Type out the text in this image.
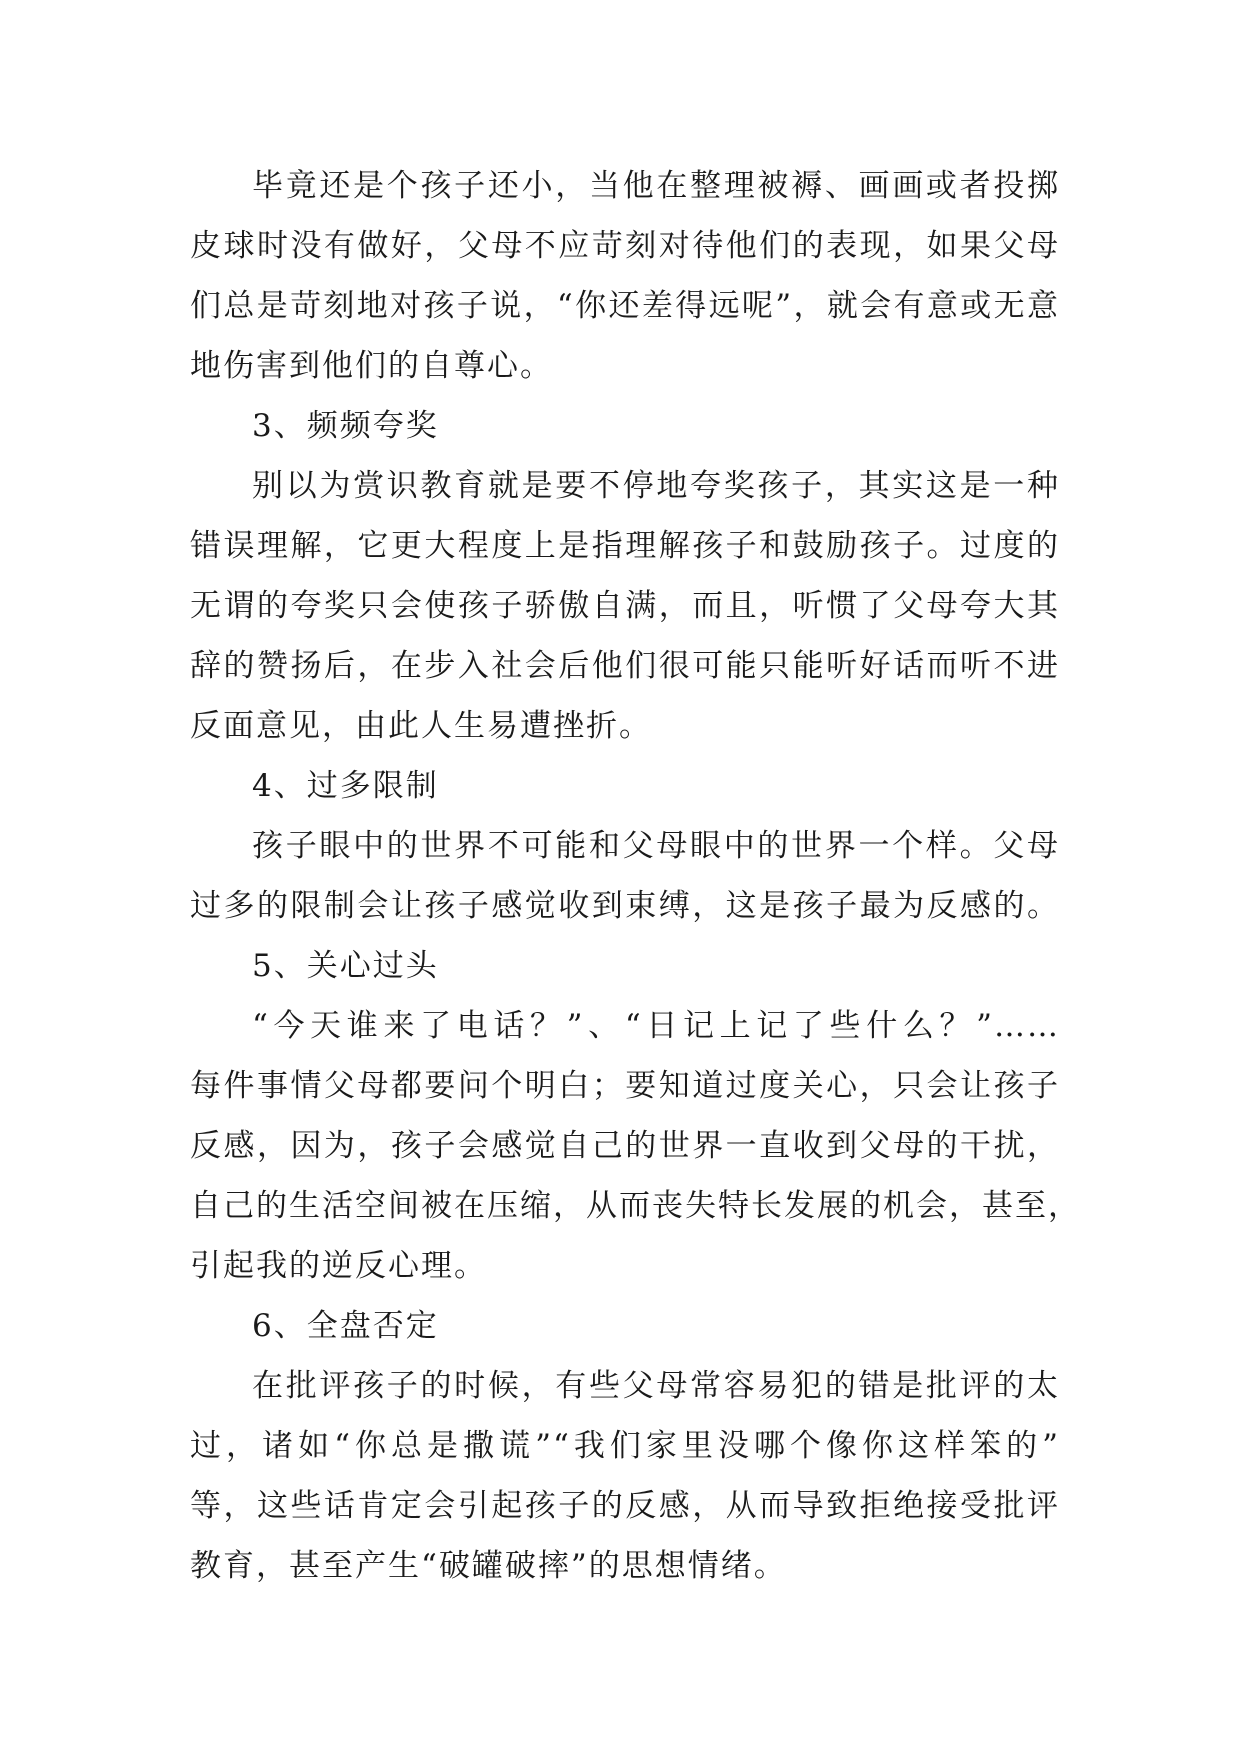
毕竟还是个孩子还小，当他在整理被褥、画画或者投掷
皮球时没有做好，父母不应苛刻对待他们的表现，如果父母
们总是苛刻地对孩子说，“你还差得远呢”，就会有意或无意
地伤害到他们的自尊心。
3、频频夸奖
别以为赏识教育就是要不停地夸奖孩子，其实这是一种
错误理解，它更大程度上是指理解孩子和鼓励孩子。过度的
无谓的夸奖只会使孩子骄傲自满，而且，听惯了父母夸大其
辞的赞扬后，在步入社会后他们很可能只能听好话而听不进
反面意见，由此人生易遭挫折。
4、过多限制
孩子眼中的世界不可能和父母眼中的世界一个样。父母
过多的限制会让孩子感觉收到束缚，这是孩子最为反感的。
5、关心过头
“今天谁来了电话？”、“日记上记了些什么？”……
每件事情父母都要问个明白；要知道过度关心，只会让孩子
反感，因为，孩子会感觉自己的世界一直收到父母的干扰，
自己的生活空间被在压缩，从而丧失特长发展的机会，甚至，
引起我的逆反心理。
6、全盘否定
在批评孩子的时候，有些父母常容易犯的错是批评的太
过，诸如“你总是撒谎”“我们家里没哪个像你这样笨的”
等，这些话肯定会引起孩子的反感，从而导致拒绝接受批评
教育，甚至产生“破罐破摔”的思想情绪。
